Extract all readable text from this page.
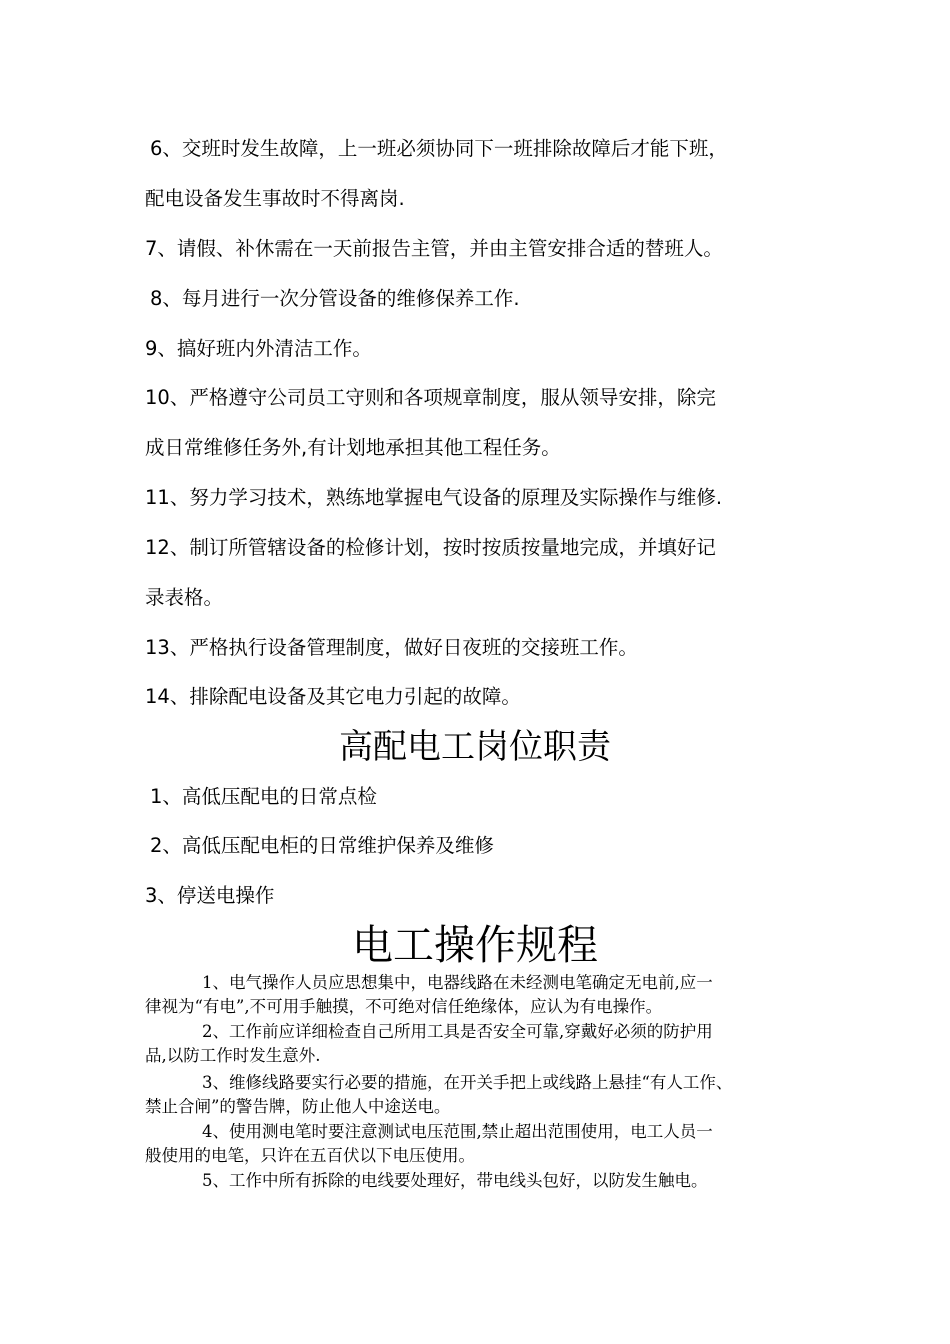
6、交班时发生故障，上一班必须协同下一班排除故障后才能下班，
配电设备发生事故时不得离岗.
7、请假、补休需在一天前报告主管，并由主管安排合适的替班人。
8、每月进行一次分管设备的维修保养工作.
9、搞好班内外清洁工作。
10、严格遵守公司员工守则和各项规章制度，服从领导安排，除完
成日常维修任务外,有计划地承担其他工程任务。
11、努力学习技术，熟练地掌握电气设备的原理及实际操作与维修.
12、制订所管辖设备的检修计划，按时按质按量地完成，并填好记
录表格。
13、严格执行设备管理制度，做好日夜班的交接班工作。
14、排除配电设备及其它电力引起的故障。
高配电工岗位职责
1、高低压配电的日常点检
2、高低压配电柜的日常维护保养及维修
3、停送电操作
电工操作规程
1、电气操作人员应思想集中，电器线路在未经测电笔确定无电前,应一
律视为“有电”,不可用手触摸，不可绝对信任绝缘体，应认为有电操作。
2、工作前应详细检查自己所用工具是否安全可靠,穿戴好必须的防护用
品,以防工作时发生意外.
3、维修线路要实行必要的措施，在开关手把上或线路上悬挂“有人工作、
禁止合闸”的警告牌，防止他人中途送电。
4、使用测电笔时要注意测试电压范围,禁止超出范围使用，电工人员一
般使用的电笔，只许在五百伏以下电压使用。
5、工作中所有拆除的电线要处理好，带电线头包好，以防发生触电。
